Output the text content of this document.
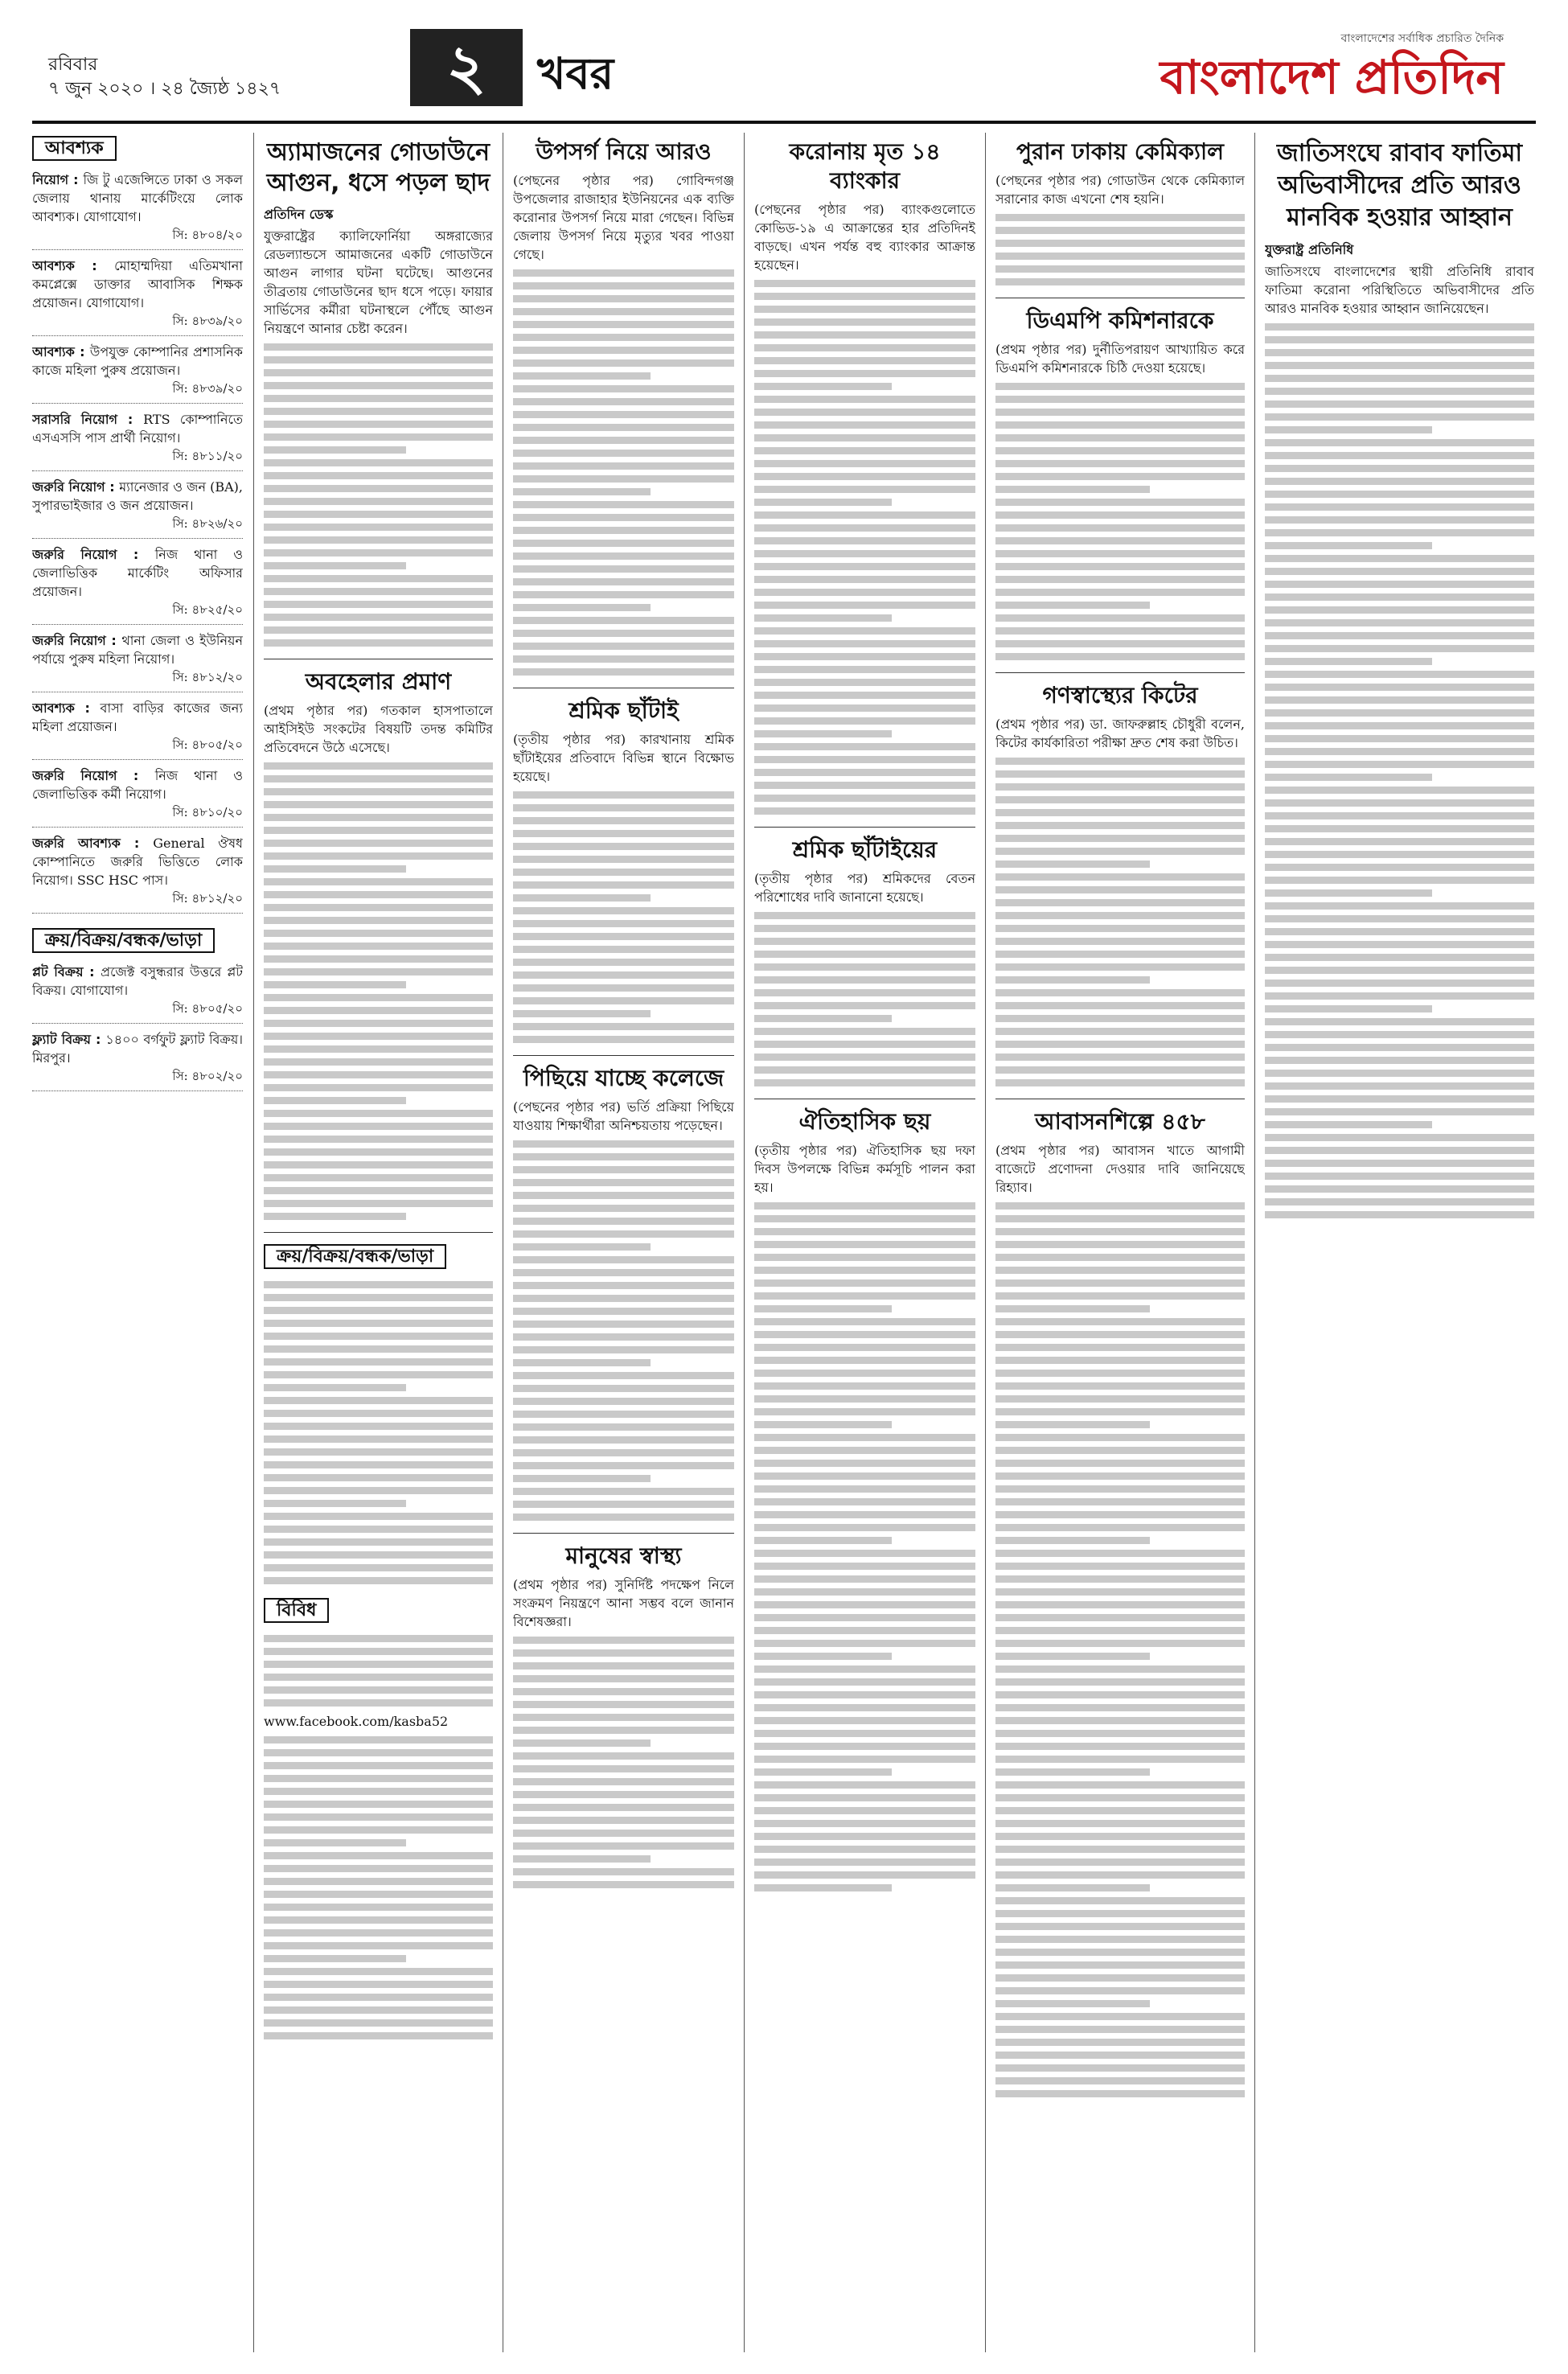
রবিবার
৭ জুন ২০২০ । ২৪ জ্যৈষ্ঠ ১৪২৭	২	খবর
বাংলাদেশের সর্বাধিক প্রচারিত দৈনিক
বাংলাদেশ প্রতিদিন
আবশ্যক
নিয়োগ : জি টু এজেন্সিতে ঢাকা ও সকল জেলায় থানায় মার্কেটিংয়ে লোক আবশ্যক। যোগাযোগ।
সি: ৪৮০৪/২০
আবশ্যক : মোহাম্মদিয়া এতিমখানা কমপ্লেক্সে ডাক্তার আবাসিক শিক্ষক প্রয়োজন। যোগাযোগ।
সি: ৪৮৩৯/২০
আবশ্যক : উপযুক্ত কোম্পানির প্রশাসনিক কাজে মহিলা পুরুষ প্রয়োজন।
সি: ৪৮৩৯/২০
সরাসরি নিয়োগ : RTS কোম্পানিতে এসএসসি পাস প্রার্থী নিয়োগ।
সি: ৪৮১১/২০
জরুরি নিয়োগ : ম্যানেজার ও জন (BA), সুপারভাইজার ও জন প্রয়োজন।
সি: ৪৮২৬/২০
জরুরি নিয়োগ : নিজ থানা ও জেলাভিত্তিক মার্কেটিং অফিসার প্রয়োজন।
সি: ৪৮২৫/২০
জরুরি নিয়োগ : থানা জেলা ও ইউনিয়ন পর্যায়ে পুরুষ মহিলা নিয়োগ।
সি: ৪৮১২/২০
আবশ্যক : বাসা বাড়ির কাজের জন্য মহিলা প্রয়োজন।
সি: ৪৮০৫/২০
জরুরি নিয়োগ : নিজ থানা ও জেলাভিত্তিক কর্মী নিয়োগ।
সি: ৪৮১০/২০
জরুরি আবশ্যক : General ঔষধ কোম্পানিতে জরুরি ভিত্তিতে লোক নিয়োগ। SSC HSC পাস।
সি: ৪৮১২/২০
ক্রয়/বিক্রয়/বন্ধক/ভাড়া
প্লট বিক্রয় : প্রজেক্ট বসুন্ধরার উত্তরে প্লট বিক্রয়। যোগাযোগ।
সি: ৪৮০৫/২০
ফ্ল্যাট বিক্রয় : ১৪০০ বর্গফুট ফ্ল্যাট বিক্রয়। মিরপুর।
সি: ৪৮০২/২০
অ্যামাজনের গোডাউনে আগুন, ধসে পড়ল ছাদ
প্রতিদিন ডেস্ক
যুক্তরাষ্ট্রের ক্যালিফোর্নিয়া অঙ্গরাজ্যের রেডল্যান্ডসে আমাজনের একটি গোডাউনে আগুন লাগার ঘটনা ঘটেছে। আগুনের তীব্রতায় গোডাউনের ছাদ ধসে পড়ে। ফায়ার সার্ভিসের কর্মীরা ঘটনাস্থলে পৌঁছে আগুন নিয়ন্ত্রণে আনার চেষ্টা করেন।
অবহেলার প্রমাণ
(প্রথম পৃষ্ঠার পর) গতকাল হাসপাতালে আইসিইউ সংকটের বিষয়টি তদন্ত কমিটির প্রতিবেদনে উঠে এসেছে।
ক্রয়/বিক্রয়/বন্ধক/ভাড়া
বিবিধ
www.facebook.com/kasba52
উপসর্গ নিয়ে আরও
(পেছনের পৃষ্ঠার পর) গোবিন্দগঞ্জ উপজেলার রাজাহার ইউনিয়নের এক ব্যক্তি করোনার উপসর্গ নিয়ে মারা গেছেন। বিভিন্ন জেলায় উপসর্গ নিয়ে মৃত্যুর খবর পাওয়া গেছে।
শ্রমিক ছাঁটাই
(তৃতীয় পৃষ্ঠার পর) কারখানায় শ্রমিক ছাঁটাইয়ের প্রতিবাদে বিভিন্ন স্থানে বিক্ষোভ হয়েছে।
পিছিয়ে যাচ্ছে কলেজে
(পেছনের পৃষ্ঠার পর) ভর্তি প্রক্রিয়া পিছিয়ে যাওয়ায় শিক্ষার্থীরা অনিশ্চয়তায় পড়েছেন।
মানুষের স্বাস্থ্য
(প্রথম পৃষ্ঠার পর) সুনির্দিষ্ট পদক্ষেপ নিলে সংক্রমণ নিয়ন্ত্রণে আনা সম্ভব বলে জানান বিশেষজ্ঞরা।
করোনায় মৃত ১৪ ব্যাংকার
(পেছনের পৃষ্ঠার পর) ব্যাংকগুলোতে কোভিড-১৯ এ আক্রান্তের হার প্রতিদিনই বাড়ছে। এখন পর্যন্ত বহু ব্যাংকার আক্রান্ত হয়েছেন।
শ্রমিক ছাঁটাইয়ের
(তৃতীয় পৃষ্ঠার পর) শ্রমিকদের বেতন পরিশোধের দাবি জানানো হয়েছে।
ঐতিহাসিক ছয়
(তৃতীয় পৃষ্ঠার পর) ঐতিহাসিক ছয় দফা দিবস উপলক্ষে বিভিন্ন কর্মসূচি পালন করা হয়।
পুরান ঢাকায় কেমিক্যাল
(পেছনের পৃষ্ঠার পর) গোডাউন থেকে কেমিক্যাল সরানোর কাজ এখনো শেষ হয়নি।
ডিএমপি কমিশনারকে
(প্রথম পৃষ্ঠার পর) দুর্নীতিপরায়ণ আখ্যায়িত করে ডিএমপি কমিশনারকে চিঠি দেওয়া হয়েছে।
গণস্বাস্থ্যের কিটের
(প্রথম পৃষ্ঠার পর) ডা. জাফরুল্লাহ চৌধুরী বলেন, কিটের কার্যকারিতা পরীক্ষা দ্রুত শেষ করা উচিত।
আবাসনশিল্পে ৪৫৮
(প্রথম পৃষ্ঠার পর) আবাসন খাতে আগামী বাজেটে প্রণোদনা দেওয়ার দাবি জানিয়েছে রিহ্যাব।
জাতিসংঘে রাবাব ফাতিমা অভিবাসীদের প্রতি আরও মানবিক হওয়ার আহ্বান
যুক্তরাষ্ট্র প্রতিনিধি
জাতিসংঘে বাংলাদেশের স্থায়ী প্রতিনিধি রাবাব ফাতিমা করোনা পরিস্থিতিতে অভিবাসীদের প্রতি আরও মানবিক হওয়ার আহ্বান জানিয়েছেন।
